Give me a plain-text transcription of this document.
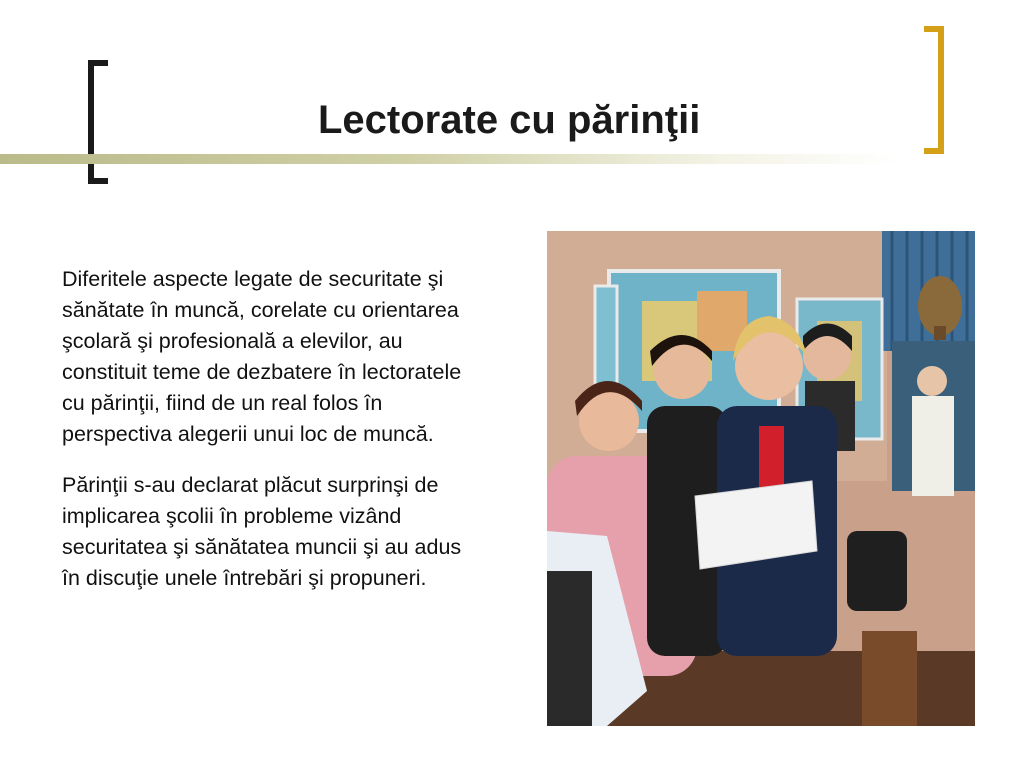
Lectorate cu părinţii

Diferitele aspecte legate de securitate şi sănătate în muncă, corelate cu orientarea şcolară şi profesională a elevilor, au constituit teme de dezbatere în lectoratele cu părinţii, fiind de un real folos în perspectiva alegerii unui loc de muncă.

Părinţii s-au declarat plăcut surprinşi de implicarea şcolii în probleme vizând securitatea şi sănătatea muncii şi au adus în discuţie unele întrebări şi propuneri.
